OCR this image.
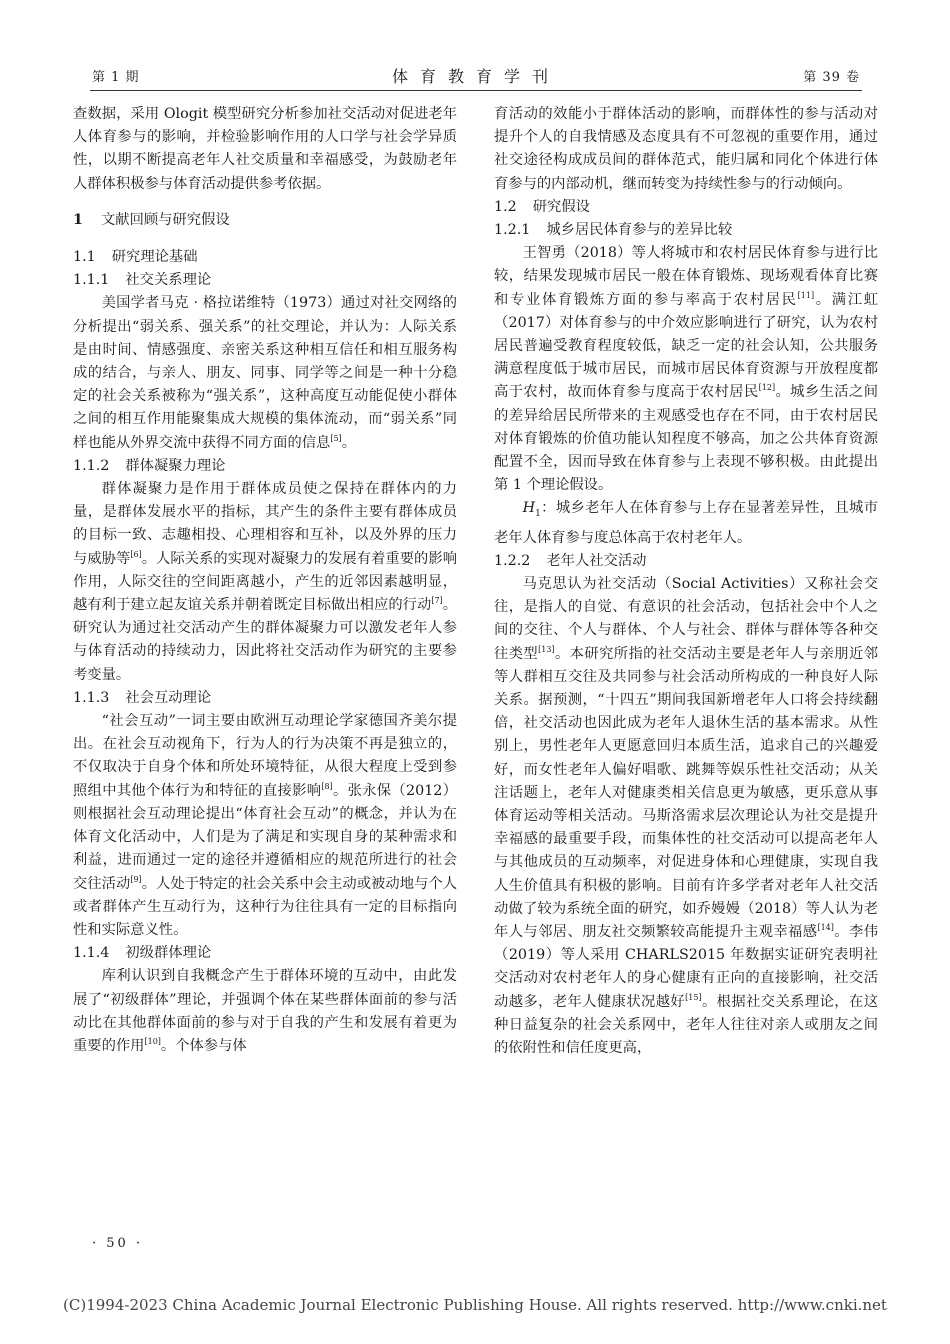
第 1 期	体育教育学刊	第 39 卷

查数据，采用 Ologit 模型研究分析参加社交活动对促进老年人体育参与的影响，并检验影响作用的人口学与社会学异质性，以期不断提高老年人社交质量和幸福感受，为鼓励老年人群体积极参与体育活动提供参考依据。

1 文献回顾与研究假设
1.1 研究理论基础
1.1.1 社交关系理论

美国学者马克 · 格拉诺维特（1973）通过对社交网络的分析提出“弱关系、强关系”的社交理论，并认为：人际关系是由时间、情感强度、亲密关系这种相互信任和相互服务构成的结合，与亲人、朋友、同事、同学等之间是一种十分稳定的社会关系被称为“强关系”，这种高度互动能促使小群体之间的相互作用能聚集成大规模的集体流动，而“弱关系”同样也能从外界交流中获得不同方面的信息[5]。

1.1.2 群体凝聚力理论

群体凝聚力是作用于群体成员使之保持在群体内的力量，是群体发展水平的指标，其产生的条件主要有群体成员的目标一致、志趣相投、心理相容和互补，以及外界的压力与威胁等[6]。人际关系的实现对凝聚力的发展有着重要的影响作用，人际交往的空间距离越小，产生的近邻因素越明显，越有利于建立起友谊关系并朝着既定目标做出相应的行动[7]。研究认为通过社交活动产生的群体凝聚力可以激发老年人参与体育活动的持续动力，因此将社交活动作为研究的主要参考变量。

1.1.3 社会互动理论

“社会互动”一词主要由欧洲互动理论学家德国齐美尔提出。在社会互动视角下，行为人的行为决策不再是独立的，不仅取决于自身个体和所处环境特征，从很大程度上受到参照组中其他个体行为和特征的直接影响[8]。张永保（2012）则根据社会互动理论提出“体育社会互动”的概念，并认为在体育文化活动中，人们是为了满足和实现自身的某种需求和利益，进而通过一定的途径并遵循相应的规范所进行的社会交往活动[9]。人处于特定的社会关系中会主动或被动地与个人或者群体产生互动行为，这种行为往往具有一定的目标指向性和实际意义性。

1.1.4 初级群体理论

库利认识到自我概念产生于群体环境的互动中，由此发展了“初级群体”理论，并强调个体在某些群体面前的参与活动比在其他群体面前的参与对于自我的产生和发展有着更为重要的作用[10]。个体参与体

育活动的效能小于群体活动的影响，而群体性的参与活动对提升个人的自我情感及态度具有不可忽视的重要作用，通过社交途径构成成员间的群体范式，能归属和同化个体进行体育参与的内部动机，继而转变为持续性参与的行动倾向。

1.2 研究假设
1.2.1 城乡居民体育参与的差异比较

王智勇（2018）等人将城市和农村居民体育参与进行比较，结果发现城市居民一般在体育锻炼、现场观看体育比赛和专业体育锻炼方面的参与率高于农村居民[11]。满江虹（2017）对体育参与的中介效应影响进行了研究，认为农村居民普遍受教育程度较低，缺乏一定的社会认知，公共服务满意程度低于城市居民，而城市居民体育资源与开放程度都高于农村，故而体育参与度高于农村居民[12]。城乡生活之间的差异给居民所带来的主观感受也存在不同，由于农村居民对体育锻炼的价值功能认知程度不够高，加之公共体育资源配置不全，因而导致在体育参与上表现不够积极。由此提出第 1 个理论假设。

$H_1$：城乡老年人在体育参与上存在显著差异性，且城市老年人体育参与度总体高于农村老年人。

1.2.2 老年人社交活动

马克思认为社交活动（Social Activities）又称社会交往，是指人的自觉、有意识的社会活动，包括社会中个人之间的交往、个人与群体、个人与社会、群体与群体等各种交往类型[13]。本研究所指的社交活动主要是老年人与亲朋近邻等人群相互交往及共同参与社会活动所构成的一种良好人际关系。据预测，“十四五”期间我国新增老年人口将会持续翻倍，社交活动也因此成为老年人退休生活的基本需求。从性别上，男性老年人更愿意回归本质生活，追求自己的兴趣爱好，而女性老年人偏好唱歌、跳舞等娱乐性社交活动；从关注话题上，老年人对健康类相关信息更为敏感，更乐意从事体育运动等相关活动。马斯洛需求层次理论认为社交是提升幸福感的最重要手段，而集体性的社交活动可以提高老年人与其他成员的互动频率，对促进身体和心理健康，实现自我人生价值具有积极的影响。目前有许多学者对老年人社交活动做了较为系统全面的研究，如乔嫚嫚（2018）等人认为老年人与邻居、朋友社交频繁较高能提升主观幸福感[14]。李伟（2019）等人采用 CHARLS2015 年数据实证研究表明社交活动对农村老年人的身心健康有正向的直接影响，社交活动越多，老年人健康状况越好[15]。根据社交关系理论，在这种日益复杂的社会关系网中，老年人往往对亲人或朋友之间的依附性和信任度更高，

· 50 ·
(C)1994-2023 China Academic Journal Electronic Publishing House. All rights reserved. http://www.cnki.net
